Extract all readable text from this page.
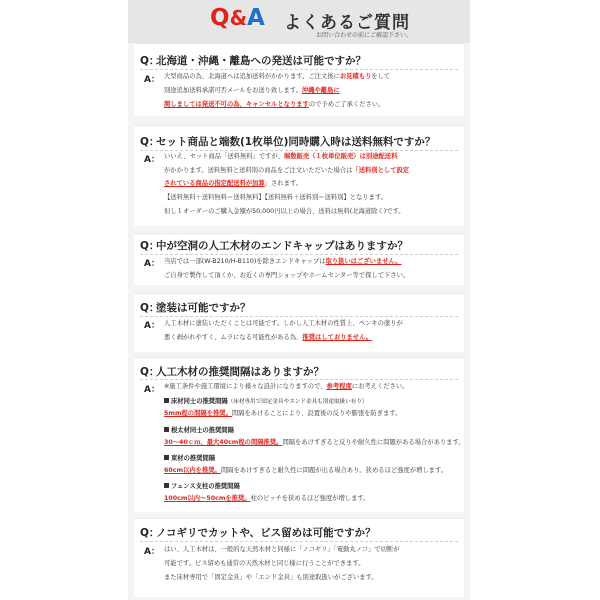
Q&A よくあるご質問
お問い合わせの前にご確認下さい。
Q：北海道・沖縄・離島への発送は可能ですか？
A： 大型商品の為、北海道へは追加送料がかかります。ご注文後にお見積もりをして
別途追加送料承諾可否メールをお送り致します。沖縄や離島に
関しましては発送不可の為、キャンセルとなりますので予めご了承ください。
Q：セット商品と端数(1枚単位)同時購入時は送料無料ですか？
A： いいえ、セット商品「送料無料」ですが、端数販売（１枚単位販売）は別途配送料
がかかります。送料無料と送料別の商品をご注文いただいた場合は「送料別として設定
されている商品の指定配送料が加算」されます。
【送料無料＋送料無料＝送料無料】【送料無料＋送料別＝送料別】となります。
但し１オーダーのご購入金額が50,000円以上の場合、送料は無料(北海道除く)です。
Q：中が空洞の人工木材のエンドキャップはありますか？
A： 当店では一部(W-B210/H-B110)を除きエンドキャップは取り扱いはございません。
ご自身で製作して頂くか、お近くの専門ショップやホームセンター等で探して下さい。
Q：塗装は可能ですか？
A： 人工木材に塗装いただくことは可能です。しかし人工木材の性質上、ペンキの塗りが
悪く剥がれやすく、ムラになる可能性がある為、推奨はしておりません。
Q：人工木材の推奨間隔はありますか？
A： ※施工条件や施工環境により様々な設計になりますので、参考程度にお考えください。
床材同士の推奨間隔（床材専用で固定金具やエンド金具も別途取扱い有り）
5mm程の間隔を推奨。間隔をあけることにより、設置後の反りや膨張を防ぎます。
根太材同士の推奨間隔
30～40ｃｍ、最大40cm程の間隔推奨。間隔をあけすぎると反りや耐久性に問題がある場合があります。
束材の推奨間隔
60cm以内を推奨。間隔をあけすぎると耐久性に問題が出る場合あり。狭めるほど強度が増します。
フェンス支柱の推奨間隔
100cm以内～50cmを推奨。柱のピッチを狭めるほど強度が増します。
Q：ノコギリでカットや、ビス留めは可能ですか？
A： はい、人工木材は、一般的な天然木材と同様に「ノコギリ」「電動丸ノコ」で切断が
可能です。ビス留めも通常の天然木材と同じ様に行うことができます。
また床材専用で「固定金具」や「エンド金具」も別途取扱いがございます。
